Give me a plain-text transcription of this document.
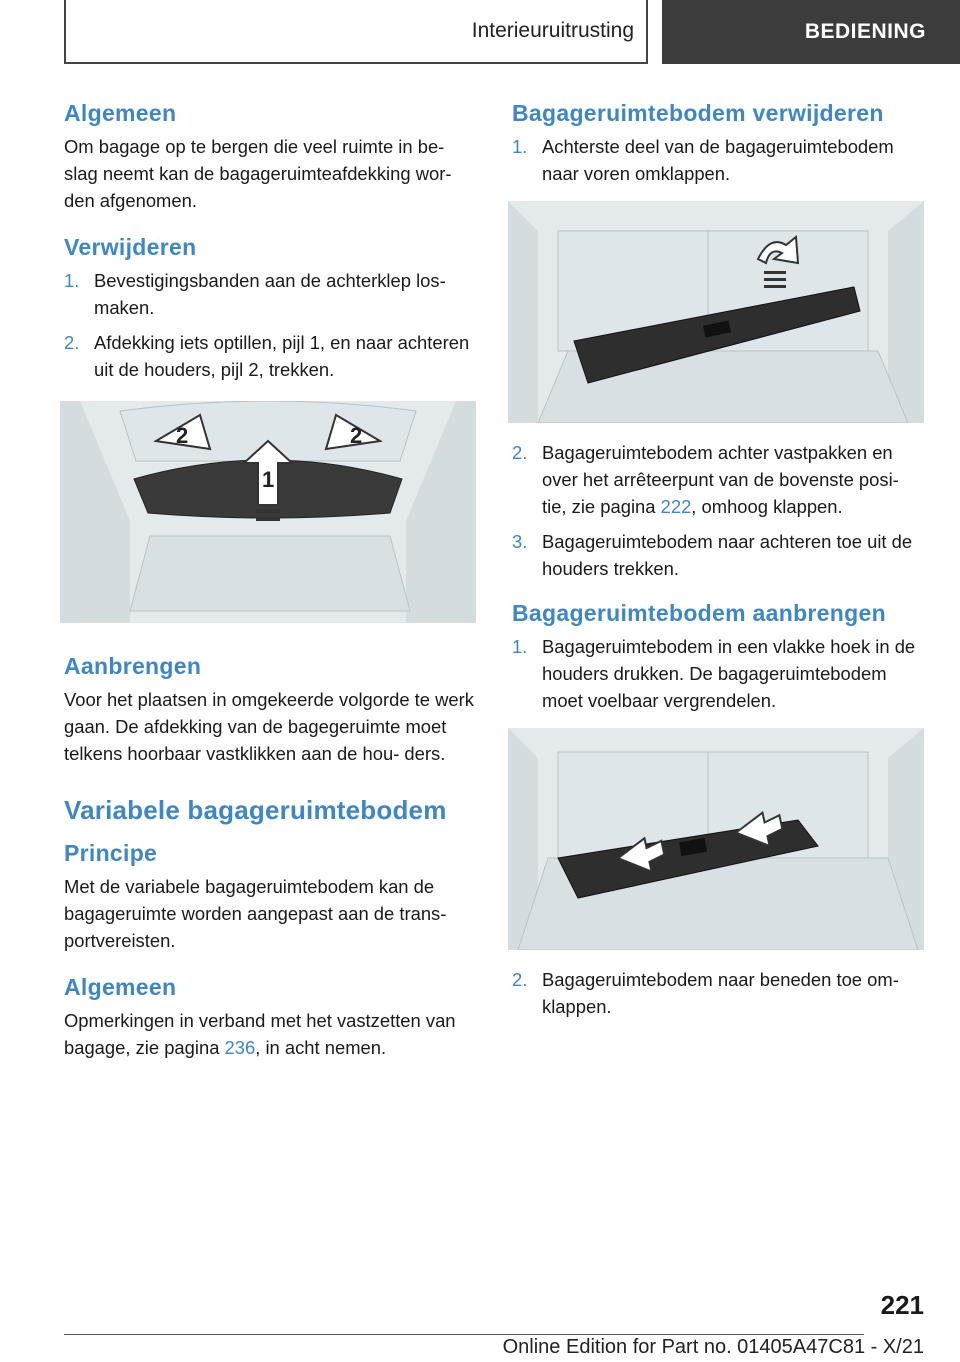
Interieuruitrusting	BEDIENING
Algemeen

Om bagage op te bergen die veel ruimte in be- slag neemt kan de bagageruimteafdekking wor- den afgenomen.

Verwijderen
1. Bevestigingsbanden aan de achterklep los- maken.
2. Afdekking iets optillen, pijl 1, en naar achteren uit de houders, pijl 2, trekken.
2	2
1
Aanbrengen

Voor het plaatsen in omgekeerde volgorde te werk gaan. De afdekking van de bagegeruimte moet telkens hoorbaar vastklikken aan de hou- ders.

Variabele bagageruimtebodem
Principe

Met de variabele bagageruimtebodem kan de bagageruimte worden aangepast aan de trans- portvereisten.

Algemeen

Opmerkingen in verband met het vastzetten van bagage, zie pagina 236, in acht nemen.

Bagageruimtebodem verwijderen
1. Achterste deel van de bagageruimtebodem naar voren omklappen.
2. Bagageruimtebodem achter vastpakken en over het arrêteerpunt van de bovenste posi- tie, zie pagina 222, omhoog klappen.
3. Bagageruimtebodem naar achteren toe uit de houders trekken.
Bagageruimtebodem aanbrengen
1. Bagageruimtebodem in een vlakke hoek in de houders drukken. De bagageruimtebodem moet voelbaar vergrendelen.
2. Bagageruimtebodem naar beneden toe om- klappen.
221
Online Edition for Part no. 01405A47C81 - X/21
